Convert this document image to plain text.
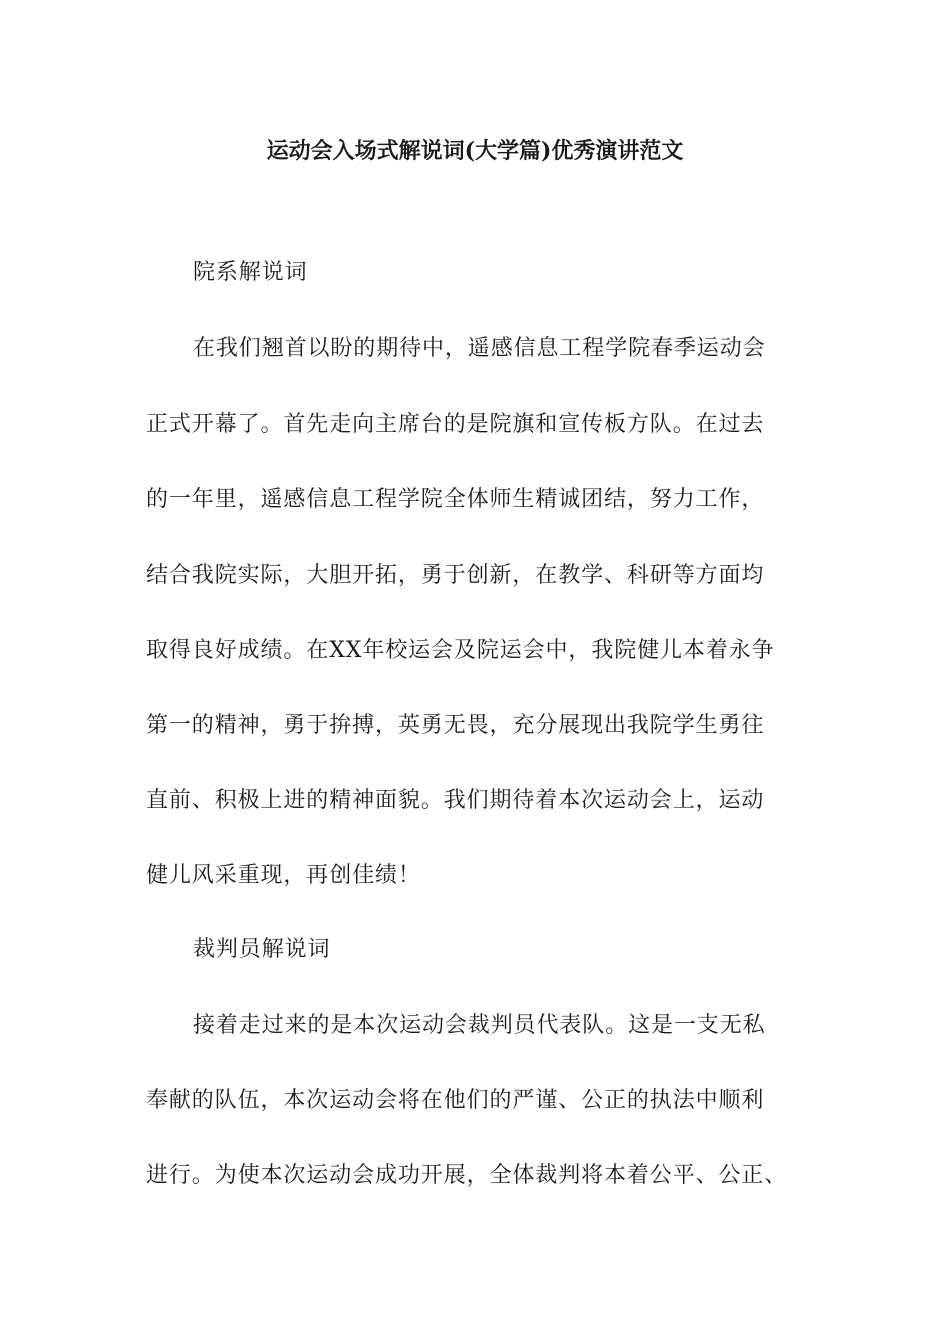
运动会入场式解说词(大学篇)优秀演讲范文
院系解说词
在我们翘首以盼的期待中，遥感信息工程学院春季运动会
正式开幕了。首先走向主席台的是院旗和宣传板方队。在过去
的一年里，遥感信息工程学院全体师生精诚团结，努力工作，
结合我院实际，大胆开拓，勇于创新，在教学、科研等方面均
取得良好成绩。在XX年校运会及院运会中，我院健儿本着永争
第一的精神，勇于拚搏，英勇无畏，充分展现出我院学生勇往
直前、积极上进的精神面貌。我们期待着本次运动会上，运动
健儿风采重现，再创佳绩！
裁判员解说词
接着走过来的是本次运动会裁判员代表队。这是一支无私
奉献的队伍，本次运动会将在他们的严谨、公正的执法中顺利
进行。为使本次运动会成功开展，全体裁判将本着公平、公正、
